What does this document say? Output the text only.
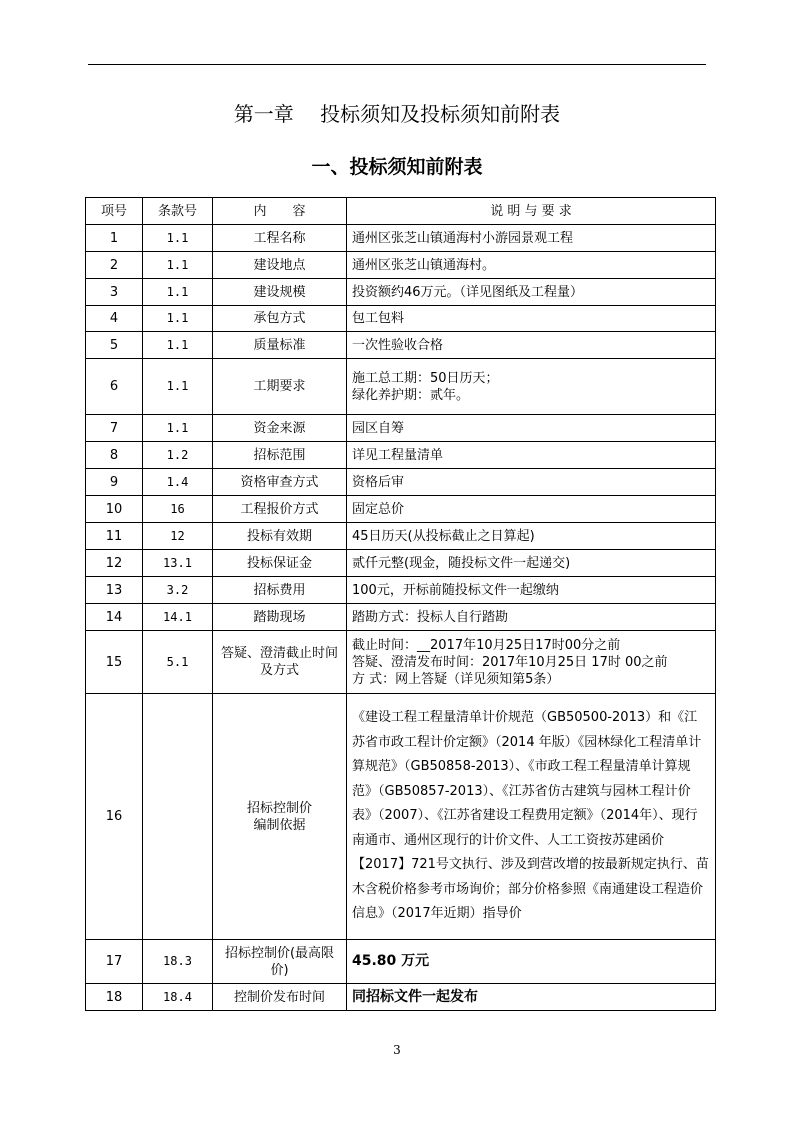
第一章　 投标须知及投标须知前附表
一、投标须知前附表
项号	条款号	内　　容	说 明 与 要 求
1	1.1	工程名称	通州区张芝山镇通海村小游园景观工程
2	1.1	建设地点	通州区张芝山镇通海村。
3	1.1	建设规模	投资额约46万元。（详见图纸及工程量）
4	1.1	承包方式	包工包料
5	1.1	质量标准	一次性验收合格
6	1.1	工期要求	施工总工期：50日历天；
绿化养护期：贰年。

7	1.1	资金来源	园区自筹
8	1.2	招标范围	详见工程量清单
9	1.4	资格审查方式	资格后审
10	16	工程报价方式	固定总价
11	12	投标有效期	45日历天(从投标截止之日算起)
12	13.1	投标保证金	贰仟元整(现金，随投标文件一起递交)
13	3.2	招标费用	100元，开标前随投标文件一起缴纳
14	14.1	踏勘现场	踏勘方式：投标人自行踏勘
15	5.1	答疑、澄清截止时间及方式	截止时间：__2017年10月25日17时00分之前
答疑、澄清发布时间：2017年10月25日 17时 00之前
方 式：网上答疑（详见须知第5条）

16		招标控制价
编制依据	《建设工程工程量清单计价规范（GB50500-2013）和《江苏省市政工程计价定额》（2014 年版）《园林绿化工程清单计算规范》（GB50858-2013）、《市政工程工程量清单计算规范》（GB50857-2013）、《江苏省仿古建筑与园林工程计价表》（2007）、《江苏省建设工程费用定额》（2014年）、现行南通市、通州区现行的计价文件、人工工资按苏建函价【2017】721号文执行、涉及到营改增的按最新规定执行、苗木含税价格参考市场询价；部分价格参照《南通建设工程造价信息》（2017年近期）指导价
17	18.3	招标控制价(最高限价)	45.80 万元
18	18.4	控制价发布时间	同招标文件一起发布
3
